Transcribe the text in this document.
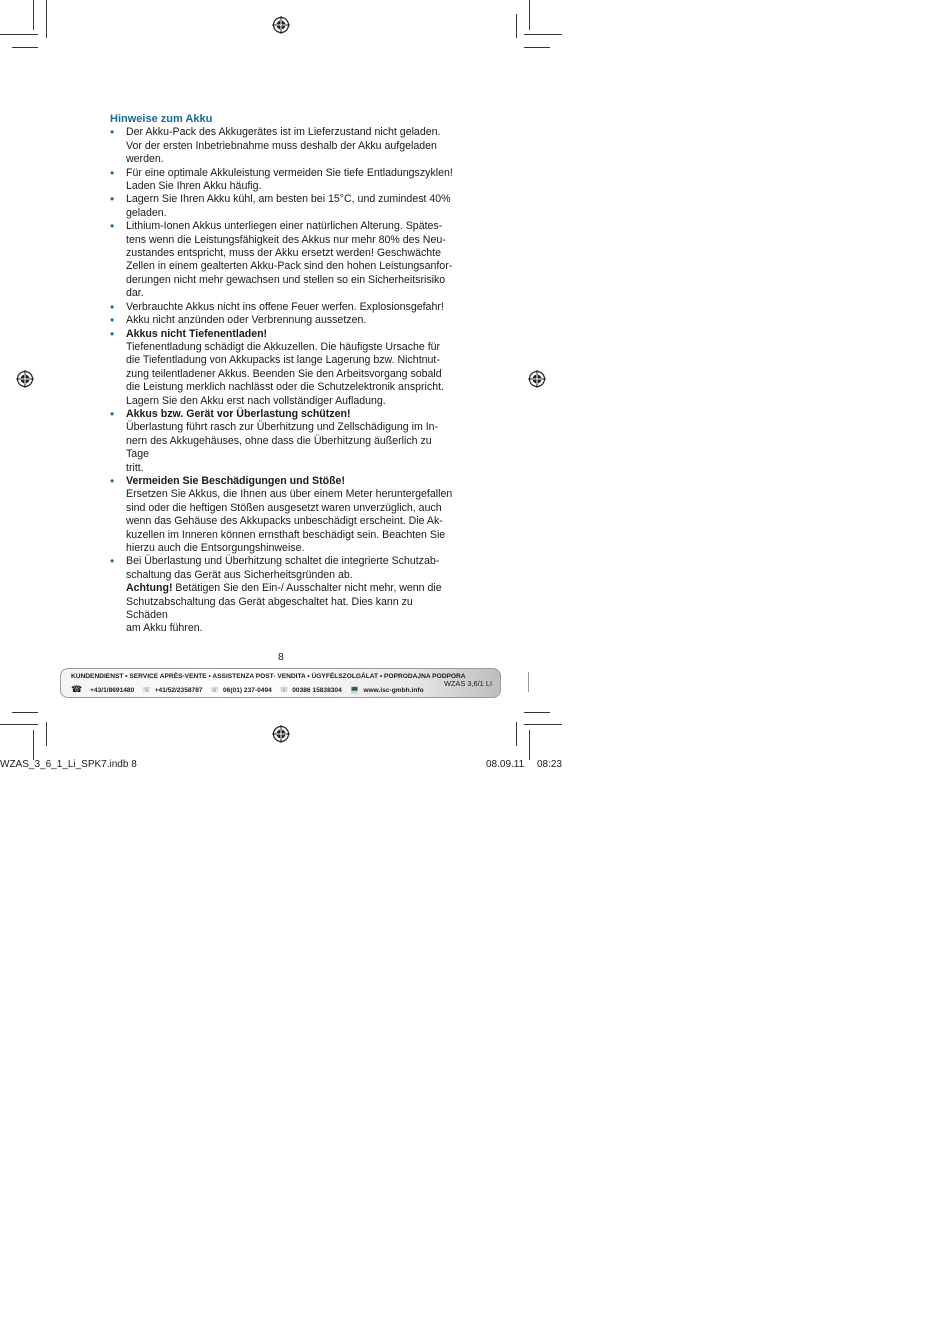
Hinweise zum Akku
• Der Akku-Pack des Akkugerätes ist im Lieferzustand nicht geladen.
Vor der ersten Inbetriebnahme muss deshalb der Akku aufgeladen
werden.
• Für eine optimale Akkuleistung vermeiden Sie tiefe Entladungszyklen!
Laden Sie Ihren Akku häufig.
• Lagern Sie Ihren Akku kühl, am besten bei 15°C, und zumindest 40%
geladen.
• Lithium-Ionen Akkus unterliegen einer natürlichen Alterung. Spätes-
tens wenn die Leistungsfähigkeit des Akkus nur mehr 80% des Neu-
zustandes entspricht, muss der Akku ersetzt werden! Geschwächte
Zellen in einem gealterten Akku-Pack sind den hohen Leistungsanfor-
derungen nicht mehr gewachsen und stellen so ein Sicherheitsrisiko
dar.
• Verbrauchte Akkus nicht ins offene Feuer werfen. Explosionsgefahr!
• Akku nicht anzünden oder Verbrennung aussetzen.
• Akkus nicht Tiefenentladen!
Tiefenentladung schädigt die Akkuzellen. Die häufigste Ursache für
die Tiefentladung von Akkupacks ist lange Lagerung bzw. Nichtnut-
zung teilentladener Akkus. Beenden Sie den Arbeitsvorgang sobald
die Leistung merklich nachlässt oder die Schutzelektronik anspricht.
Lagern Sie den Akku erst nach vollständiger Aufladung.
• Akkus bzw. Gerät vor Überlastung schützen!
Überlastung führt rasch zur Überhitzung und Zellschädigung im In-
nern des Akkugehäuses, ohne dass die Überhitzung äußerlich zu Tage
tritt.
• Vermeiden Sie Beschädigungen und Stöße!
Ersetzen Sie Akkus, die Ihnen aus über einem Meter heruntergefallen
sind oder die heftigen Stößen ausgesetzt waren unverzüglich, auch
wenn das Gehäuse des Akkupacks unbeschädigt erscheint. Die Ak-
kuzellen im Inneren können ernsthaft beschädigt sein. Beachten Sie
hierzu auch die Entsorgungshinweise.
• Bei Überlastung und Überhitzung schaltet die integrierte Schutzab-
schaltung das Gerät aus Sicherheitsgründen ab.
Achtung! Betätigen Sie den Ein-/ Ausschalter nicht mehr, wenn die
Schutzabschaltung das Gerät abgeschaltet hat. Dies kann zu Schäden
am Akku führen.
8
KUNDENDIENST • SERVICE APRÈS-VENTE • ASSISTENZA POST- VENDITA • ÜGYFÉLSZOLGÁLAT • POPRODAJNA PODPORA
☎ +43/1/8691480 ☏ +41/52/2358787 ☏ 06(01) 237-0494 ☏ 00386 15838304 💻 www.isc-gmbh.info
WZAS 3,6/1 LI
WZAS_3_6_1_Li_SPK7.indb 8	08.09.11 08:23
